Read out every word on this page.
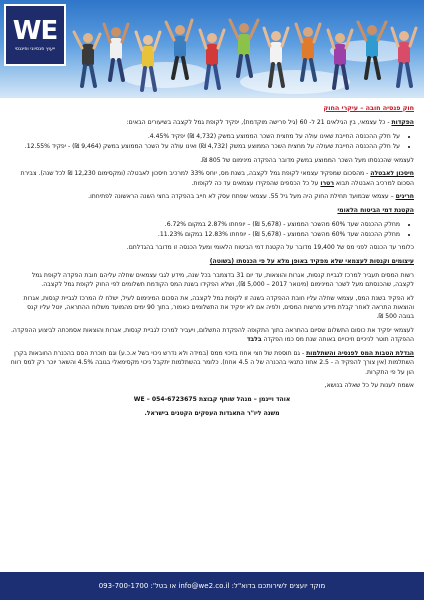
WE
ייעוץ פנסיוני ופיננסי

חוק פנסיה חובה – עיקרי החוק

הפקדות - כל עצמאי, בין הגילאים 21 ל- 60 (גיל פרישה מוקדמת), יפקיד לקופת גמל לקצבה בשיעורים הבאים:

• על חלק ההכנסה החייבת שאינו עולה על מחצית השכר הממוצע במשק (4,732 ₪) יפקיד 4.45%.
• על חלק ההכנסה החייבת שעולה על מחצית השכר הממוצע במשק (4,732 ₪) ואינו עולה על השכר הממוצע במשק (9,464 ₪) - יפקיד 12.55%.

לעצמאי שהכנסתו מעל השכר הממוצע במשק מדובר בהפקדה מינימום של 805 ₪.

חיסכון לאבטלה - מהסכום שמפקיד עצמאי לקופת גמל לקצבה, בשנת מס, יוחס 33% למרכיב חיסכון לאבטלה (ומקסימום 12,230 ₪ לכל שנה). צבירת הסכום למרכיב האבטלה תבוא רטרו על כל הכספים שהפקידו עצמאים עד כה לקופות.

חריגים – עצמאי שבמועד תחילת החוק היה מעל גיל 55. עצמאי שפתח עסק לא חייב בהפקדה בחצי השנה הראשונה לפתיחתו.

הקטנת דמי הביטוח הלאומי

• מחלק ההכנסה שעד 60% מהשכר הממוצע - (5,678 ₪) – יופחתו 2.87% במקום 6.72%.
• מחלק ההכנסה שעד 60% מהשכר הממוצע - (5,678 ₪) - יופחתו 12.83% במקום 11.23%.

כלומר עד הכנסה לפני מס של 19,400 מדובר על הקטנת דמי הביטוח הלאומי ומעל הכנסה זו מדובר בהגדלתם.

עיצומים וקנסות לעצמאי שלא מפקיד באופן מלא על פי הכנסתו (בשוטה)

רשות המסים תעביר למרכז לגביית קנסות, אגרות והוצאות, עד יום 31 בדצמבר בכל שנה, מידע לגבי עצמאים שחלה עליהם חובת הפקדה לקופת גמל לקצבה, שהכנסתם מעל לשכר המינימום (מינואר 2017 – 5,000 ₪), ושלא הפקידו בשנת המס הקודמת תשלומים לפי החוק לקופת גמל לקצבה.

לא הפקיד בשנת המס, עצמאי שחלה עליו חובת ההפקדה בשנה זו לקופת גמל לקצבה, את הסכום המינימום לעיל, ישלח לו המרכז לגביית קנסות, אגרות והוצאות התראה לאחר קבלת מידע מרשות המסים, ולפיה אם לא יפקיד את התשלומים כאמור, בתוך 90 ימים מהמועד משלוח ההתראה, יוטל עליו קנס בגובה 500 ₪.

לעצמאי יפקיד את כוסום התשלום שסיום בהתראה בתוך התקופה להפקדת התשלום, ויעביר למרכז לגביית קנסות, אגרות והוצאות אסמכתה לביצוע ההפקדה. ההפקדה תוטר לניכיים וזיכויים באותה שנת מס כמו הפקדה בלבד

הגדלת הטבות המס לפנסיה והשתלמות - גם תוספת של חצי אחוז בזיכוי ממס (במידה ולא נדרש ניכוי בשל א.כ.ע) וגם תוכרת הסם בהכנרת החובאות בקרן השתלמות (אין צורך להפקיד ה - 2.5 אחוז כתנאי בהכנרה של ה 4.5 אחוז). כלומר בהשתלמות יתקבל ניכוי מקסימאלי בגובה 4.5% והשאר יוכר רק למס רווח הון על פי התקרות.

אשמח לענות על כל שאלה בנושא,

אוהד וייגמן – מנהל שותף קבוצת WE – 054-6723675

משנה ליו"ר התאגדות העסקים הקטנים בישראל.

מוקד יועצים לשירותכם בדוא"ל: info@we2.co.il או בטל': 093-700-1700
